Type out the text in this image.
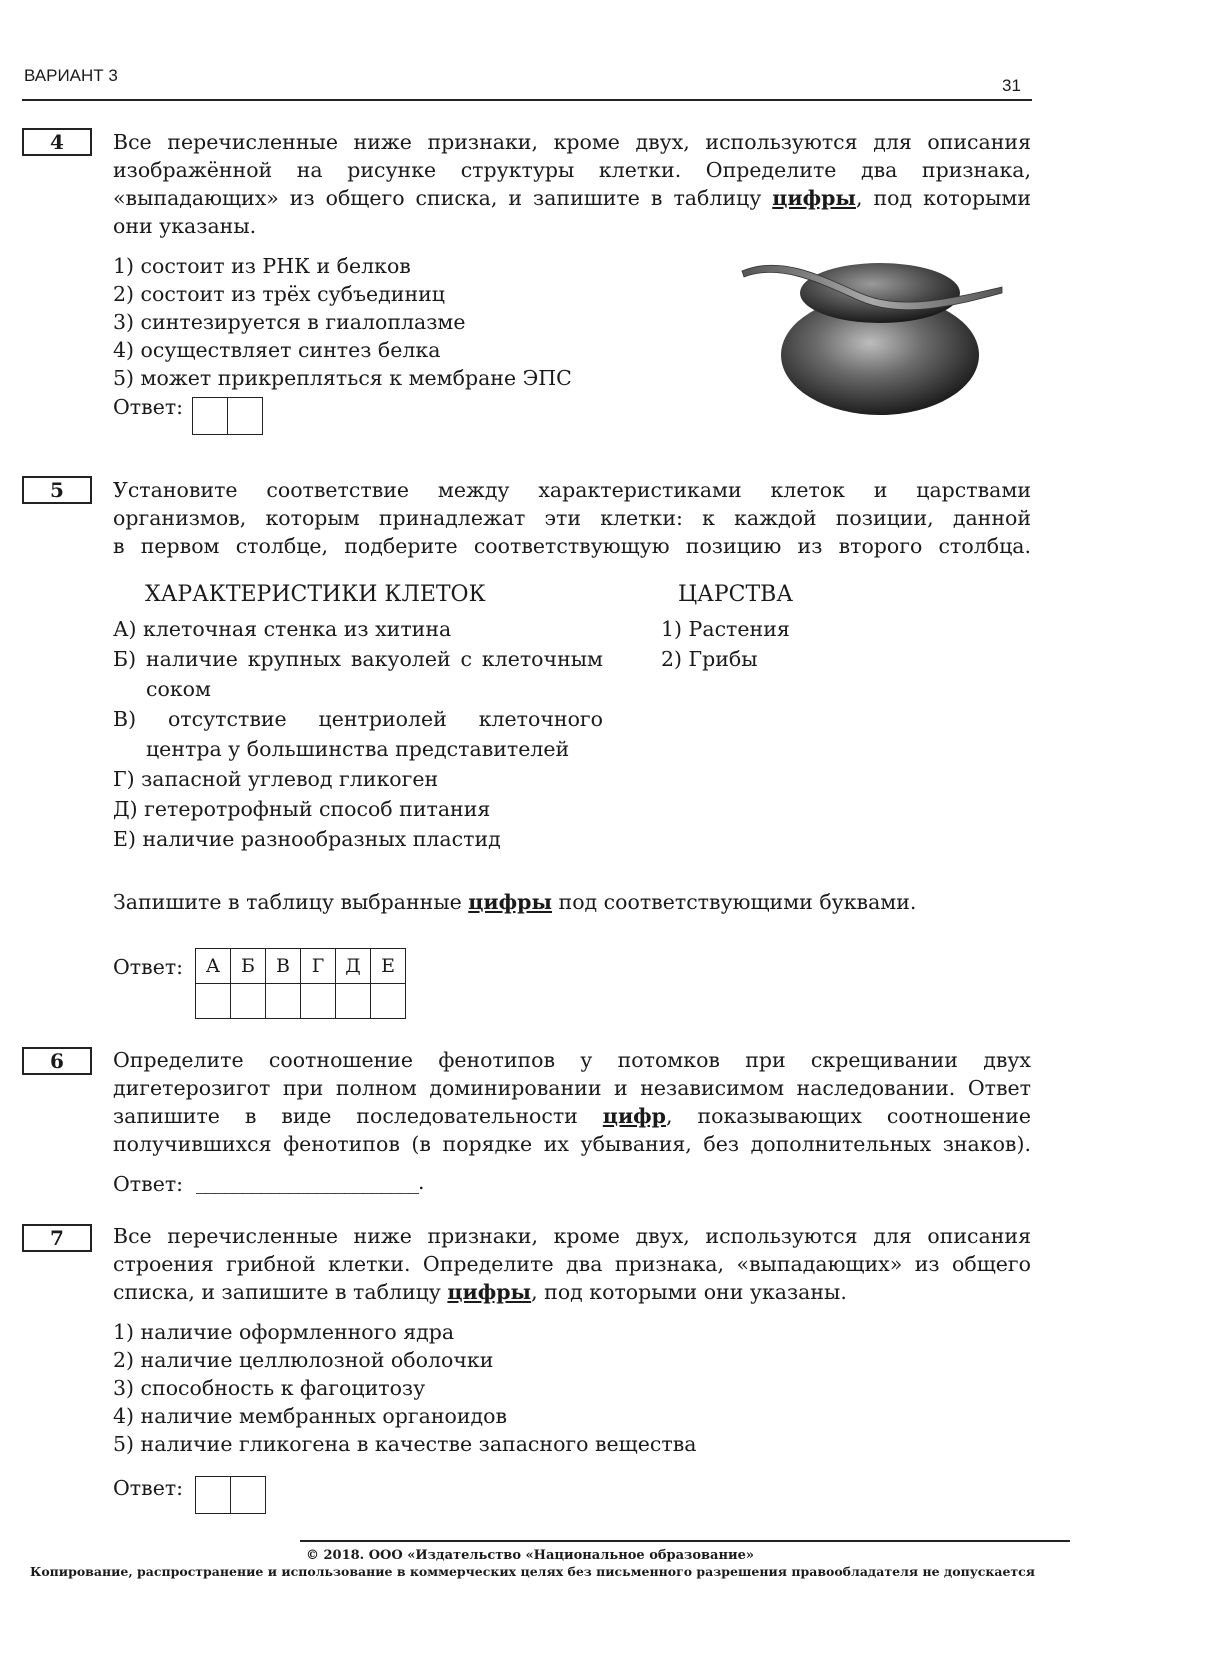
ВАРИАНТ 3
31
4	Все перечисленные ниже признаки, кроме двух, используются для описания
изображённой на рисунке структуры клетки. Определите два признака,
«выпадающих» из общего списка, и запишите в таблицу цифры, под которыми
они указаны.
1) состоит из РНК и белков
2) состоит из трёх субъединиц
3) синтезируется в гиалоплазме
4) осуществляет синтез белка
5) может прикрепляться к мембране ЭПС
Ответ:
5	Установите соответствие между характеристиками клеток и царствами
организмов, которым принадлежат эти клетки: к каждой позиции, данной
в первом столбце, подберите соответствующую позицию из второго столбца.
ХАРАКТЕРИСТИКИ КЛЕТОК	ЦАРСТВА
А) клеточная стенка из хитина
Б) наличие крупных вакуолей с клеточным соком
В) отсутствие центриолей клеточного центра у большинства представителей
Г) запасной углевод гликоген
Д) гетеротрофный способ питания
Е) наличие разнообразных пластид
1) Растения
2) Грибы
Запишите в таблицу выбранные цифры под соответствующими буквами.
Ответ: А	Б	В	Г	Д	Е

6	Определите соотношение фенотипов у потомков при скрещивании двух
дигетерозигот при полном доминировании и независимом наследовании. Ответ
запишите в виде последовательности цифр, показывающих соотношение
получившихся фенотипов (в порядке их убывания, без дополнительных знаков).
Ответ: ________________________.
7	Все перечисленные ниже признаки, кроме двух, используются для описания
строения грибной клетки. Определите два признака, «выпадающих» из общего
списка, и запишите в таблицу цифры, под которыми они указаны.
1) наличие оформленного ядра
2) наличие целлюлозной оболочки
3) способность к фагоцитозу
4) наличие мембранных органоидов
5) наличие гликогена в качестве запасного вещества
Ответ:
© 2018. ООО «Издательство «Национальное образование»
Копирование, распространение и использование в коммерческих целях без письменного разрешения правообладателя не допускается
